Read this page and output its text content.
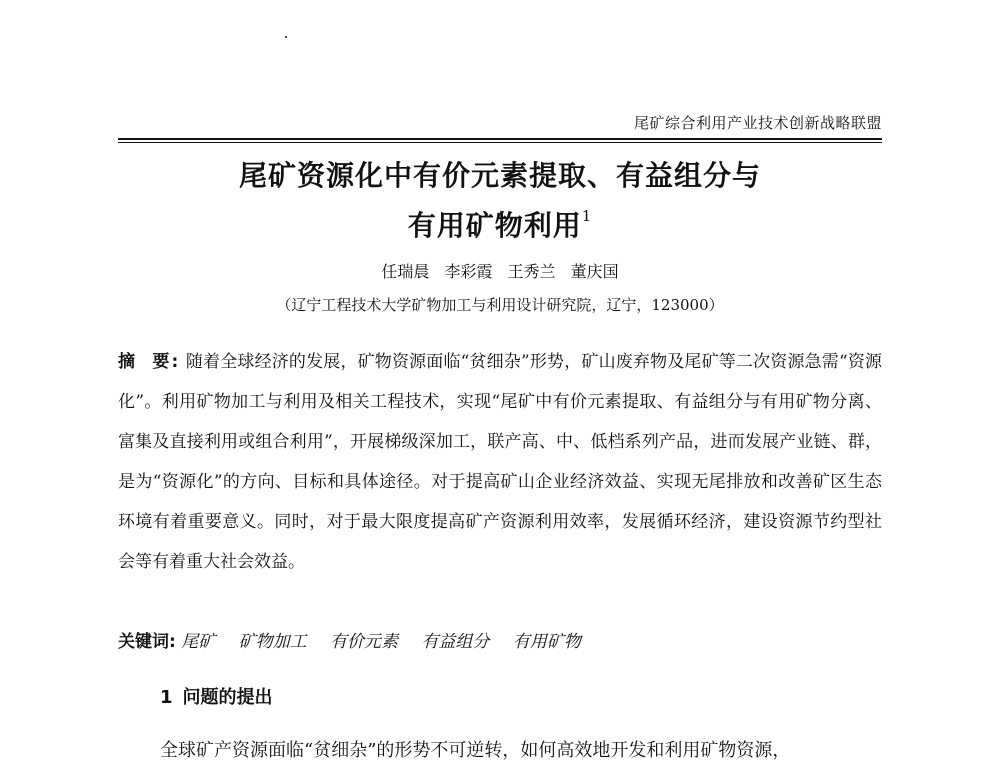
尾矿综合利用产业技术创新战略联盟
尾矿资源化中有价元素提取、有益组分与
有用矿物利用$^1$
任瑞晨 李彩霞 王秀兰 董庆国
（辽宁工程技术大学矿物加工与利用设计研究院，辽宁，123000）
摘　要 : 随着全球经济的发展，矿物资源面临“贫细杂”形势，矿山废弃物及尾矿等二次资源急需“资源化”。利用矿物加工与利用及相关工程技术，实现“尾矿中有价元素提取、有益组分与有用矿物分离、富集及直接利用或组合利用”，开展梯级深加工，联产高、中、低档系列产品，进而发展产业链、群，是为“资源化”的方向、目标和具体途径。对于提高矿山企业经济效益、实现无尾排放和改善矿区生态环境有着重要意义。同时，对于最大限度提高矿产资源利用效率，发展循环经济，建设资源节约型社会等有着重大社会效益。
关键词: 尾矿 矿物加工 有价元素 有益组分 有用矿物
1 问题的提出
全球矿产资源面临“贫细杂”的形势不可逆转，如何高效地开发和利用矿物资源，
